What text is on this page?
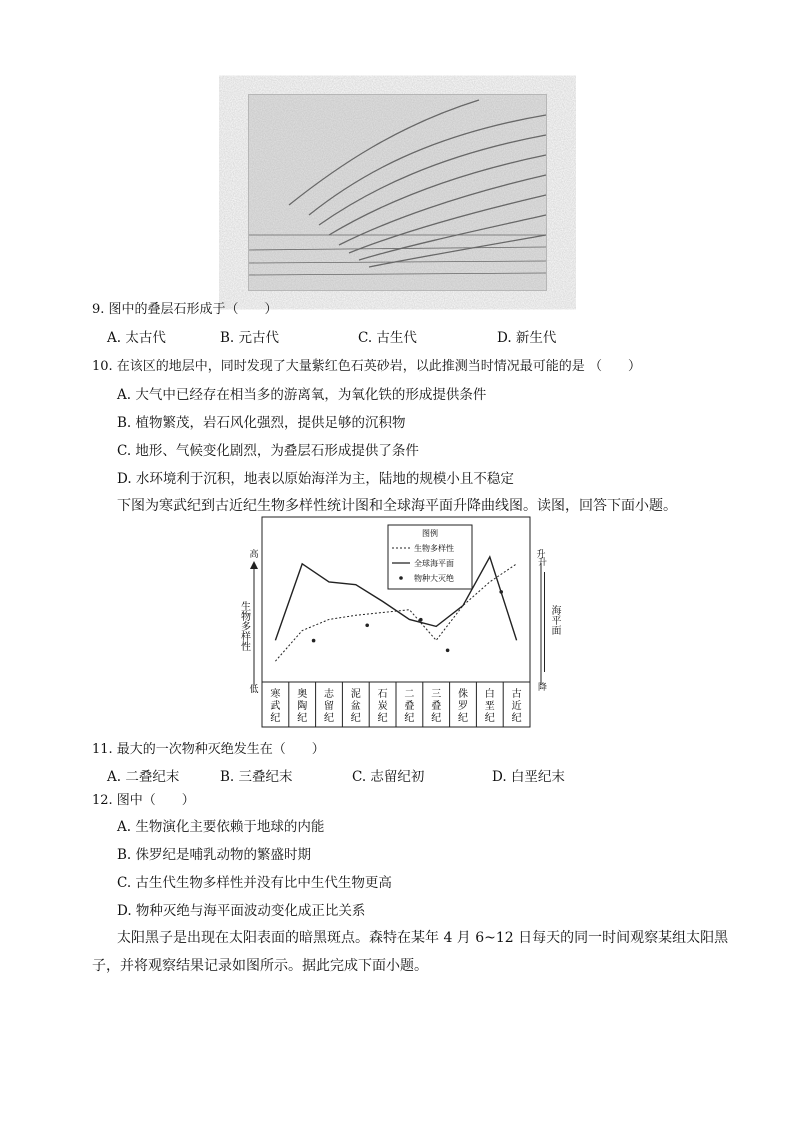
9. 图中的叠层石形成于（　　）
A. 太古代	B. 元古代	C. 古生代	D. 新生代
10. 在该区的地层中，同时发现了大量紫红色石英砂岩，以此推测当时情况最可能的是 （　　）
A. 大气中已经存在相当多的游离氧，为氧化铁的形成提供条件
B. 植物繁茂，岩石风化强烈，提供足够的沉积物
C. 地形、气候变化剧烈，为叠层石形成提供了条件
D. 水环境利于沉积，地表以原始海洋为主，陆地的规模小且不稳定
下图为寒武纪到古近纪生物多样性统计图和全球海平面升降曲线图。读图，回答下面小题。
高
低
生物多样性
升
图例
生物多样性
全球海平面
物种大灭绝
寒
武
纪
奥
陶
纪
志
留
纪
泥
盆
纪
石
炭
纪
二
叠
纪
三
叠
纪
侏
罗
纪
白
垩
纪
古
近
纪

升
海平面
降
11. 最大的一次物种灭绝发生在（　　）
A. 二叠纪末	B. 三叠纪末	C. 志留纪初	D. 白垩纪末
12. 图中（　　）
A. 生物演化主要依赖于地球的内能
B. 侏罗纪是哺乳动物的繁盛时期
C. 古生代生物多样性并没有比中生代生物更高
D. 物种灭绝与海平面波动变化成正比关系
太阳黑子是出现在太阳表面的暗黑斑点。森特在某年 4 月 6~12 日每天的同一时间观察某组太阳黑
子，并将观察结果记录如图所示。据此完成下面小题。
